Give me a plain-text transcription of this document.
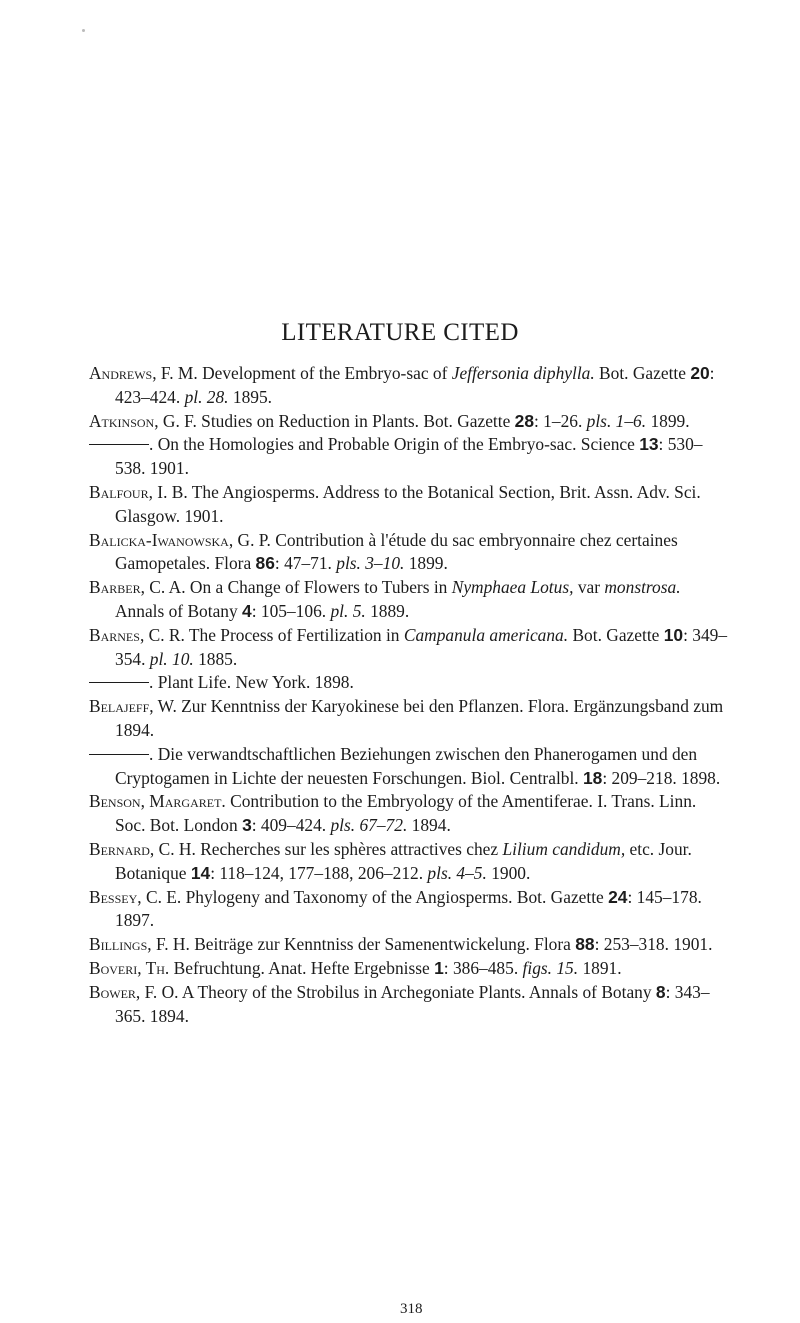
LITERATURE CITED
Andrews, F. M. Development of the Embryo-sac of Jeffersonia diphylla. Bot. Gazette 20: 423–424. pl. 28. 1895.
Atkinson, G. F. Studies on Reduction in Plants. Bot. Gazette 28: 1–26. pls. 1–6. 1899.
. On the Homologies and Probable Origin of the Embryo-sac. Science 13: 530–538. 1901.
Balfour, I. B. The Angiosperms. Address to the Botanical Section, Brit. Assn. Adv. Sci. Glasgow. 1901.
Balicka-Iwanowska, G. P. Contribution à l'étude du sac embryonnaire chez certaines Gamopetales. Flora 86: 47–71. pls. 3–10. 1899.
Barber, C. A. On a Change of Flowers to Tubers in Nymphaea Lotus, var monstrosa. Annals of Botany 4: 105–106. pl. 5. 1889.
Barnes, C. R. The Process of Fertilization in Campanula americana. Bot. Gazette 10: 349–354. pl. 10. 1885.
. Plant Life. New York. 1898.
Belajeff, W. Zur Kenntniss der Karyokinese bei den Pflanzen. Flora. Ergänzungsband zum 1894.
. Die verwandtschaftlichen Beziehungen zwischen den Phanerogamen und den Cryptogamen in Lichte der neuesten Forschungen. Biol. Centralbl. 18: 209–218. 1898.
Benson, Margaret. Contribution to the Embryology of the Amentiferae. I. Trans. Linn. Soc. Bot. London 3: 409–424. pls. 67–72. 1894.
Bernard, C. H. Recherches sur les sphères attractives chez Lilium candidum, etc. Jour. Botanique 14: 118–124, 177–188, 206–212. pls. 4–5. 1900.
Bessey, C. E. Phylogeny and Taxonomy of the Angiosperms. Bot. Gazette 24: 145–178. 1897.
Billings, F. H. Beiträge zur Kenntniss der Samenentwickelung. Flora 88: 253–318. 1901.
Boveri, Th. Befruchtung. Anat. Hefte Ergebnisse 1: 386–485. figs. 15. 1891.
Bower, F. O. A Theory of the Strobilus in Archegoniate Plants. Annals of Botany 8: 343–365. 1894.

318
